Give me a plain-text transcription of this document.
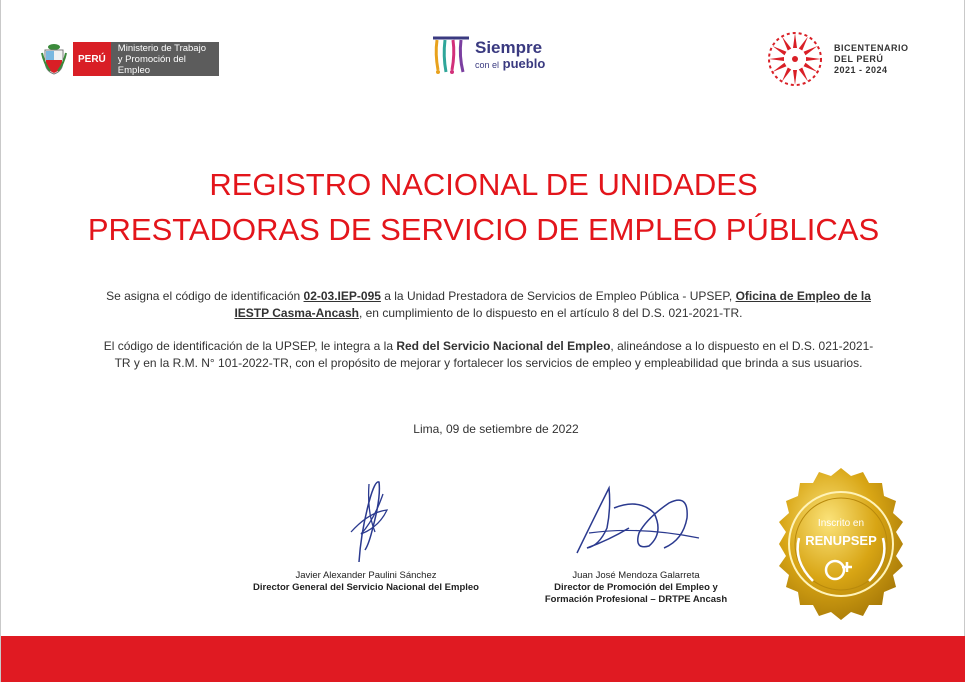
PERÚ
Ministerio de Trabajo
y Promoción del Empleo
Siempre
con el pueblo
BICENTENARIO
DEL PERÚ
2021 - 2024
REGISTRO NACIONAL DE UNIDADES
PRESTADORAS DE SERVICIO DE EMPLEO PÚBLICAS

Se asigna el código de identificación 02-03.IEP-095 a la Unidad Prestadora de Servicios de Empleo Pública - UPSEP, Oficina de Empleo de la IESTP Casma-Ancash, en cumplimiento de lo dispuesto en el artículo 8 del D.S. 021-2021-TR.

El código de identificación de la UPSEP, le integra a la Red del Servicio Nacional del Empleo, alineándose a lo dispuesto en el D.S. 021-2021-TR y en la R.M. N° 101-2022-TR, con el propósito de mejorar y fortalecer los servicios de empleo y empleabilidad que brinda a sus usuarios.

Lima, 09 de setiembre de 2022
Javier Alexander Paulini Sánchez
Director General del Servicio Nacional del Empleo
Juan José Mendoza Galarreta
Director de Promoción del Empleo y
Formación Profesional – DRTPE Ancash
Inscrito en
RENUPSEP
